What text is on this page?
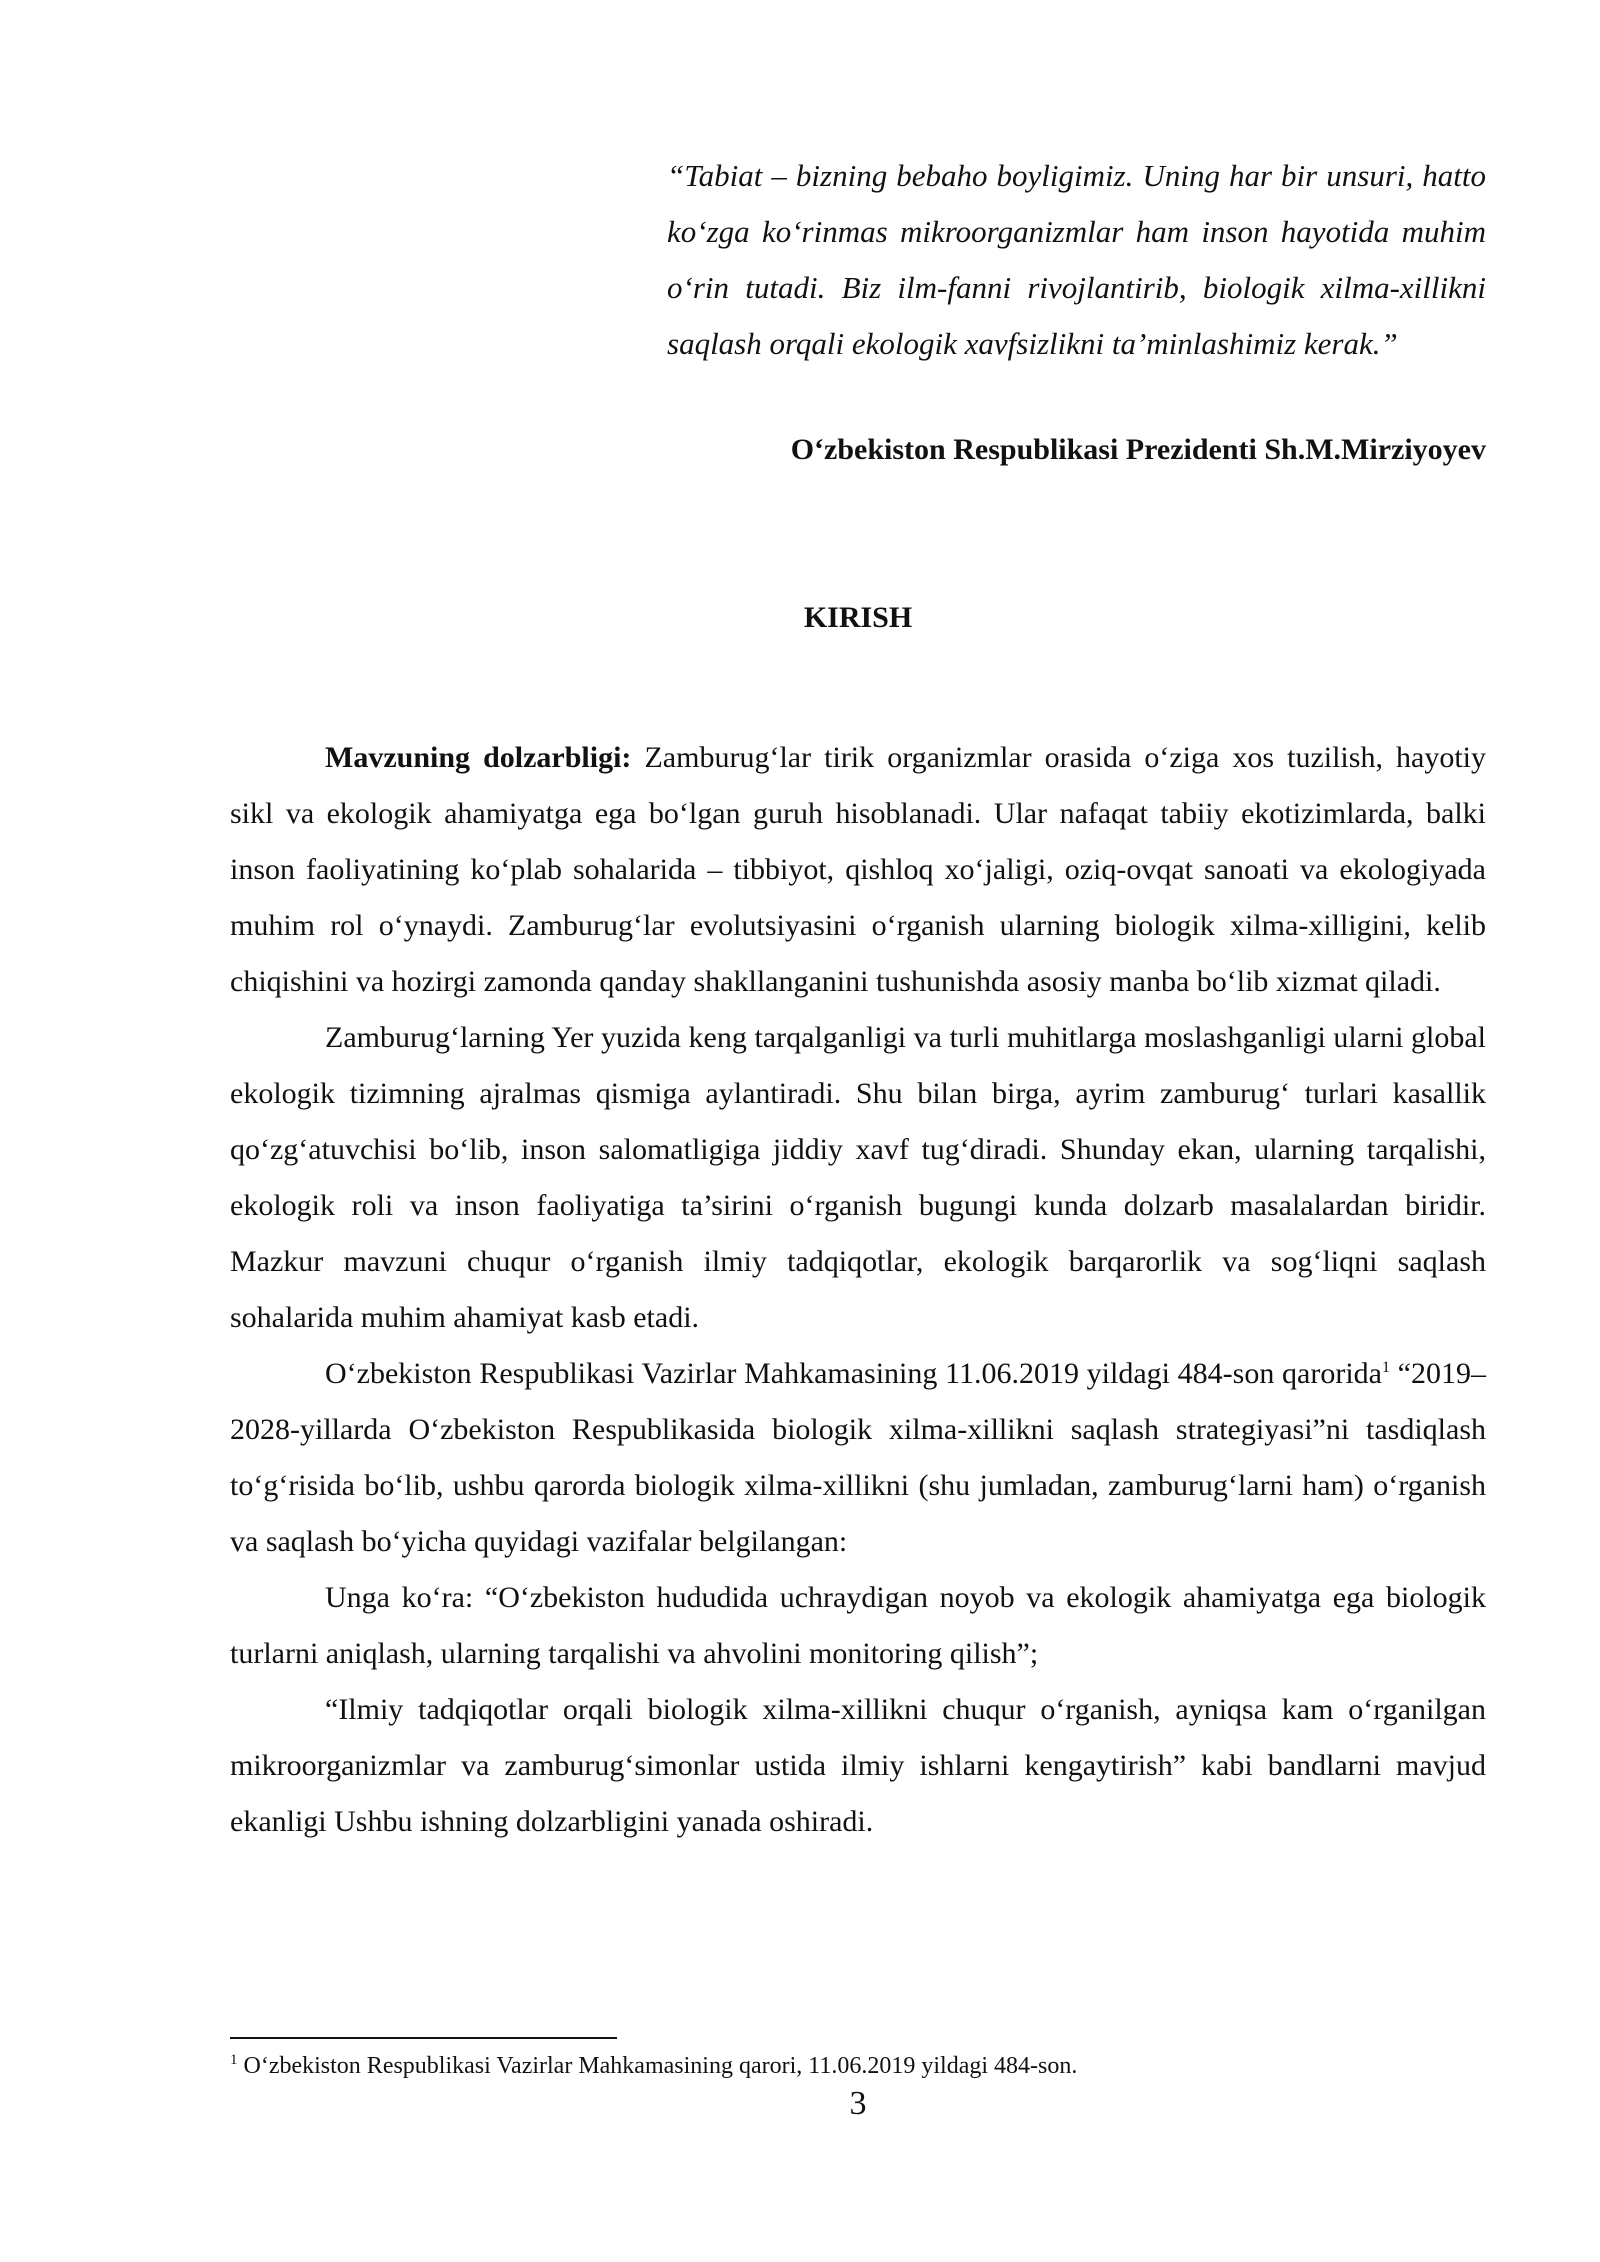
“Tabiat – bizning bebaho boyligimiz. Uning har bir unsuri, hatto ko‘zga ko‘rinmas mikroorganizmlar ham inson hayotida muhim o‘rin tutadi. Biz ilm-fanni rivojlantirib, biologik xilma-xillikni saqlash orqali ekologik xavfsizlikni ta’minlashimiz kerak.”
O‘zbekiston Respublikasi Prezidenti Sh.M.Mirziyoyev
KIRISH

Mavzuning dolzarbligi: Zamburug‘lar tirik organizmlar orasida o‘ziga xos tuzilish, hayotiy sikl va ekologik ahamiyatga ega bo‘lgan guruh hisoblanadi. Ular nafaqat tabiiy ekotizimlarda, balki inson faoliyatining ko‘plab sohalarida – tibbiyot, qishloq xo‘jaligi, oziq-ovqat sanoati va ekologiyada muhim rol o‘ynaydi. Zamburug‘lar evolutsiyasini o‘rganish ularning biologik xilma-xilligini, kelib chiqishini va hozirgi zamonda qanday shakllanganini tushunishda asosiy manba bo‘lib xizmat qiladi.

Zamburug‘larning Yer yuzida keng tarqalganligi va turli muhitlarga moslashganligi ularni global ekologik tizimning ajralmas qismiga aylantiradi. Shu bilan birga, ayrim zamburug‘ turlari kasallik qo‘zg‘atuvchisi bo‘lib, inson salomatligiga jiddiy xavf tug‘diradi. Shunday ekan, ularning tarqalishi, ekologik roli va inson faoliyatiga ta’sirini o‘rganish bugungi kunda dolzarb masalalardan biridir. Mazkur mavzuni chuqur o‘rganish ilmiy tadqiqotlar, ekologik barqarorlik va sog‘liqni saqlash sohalarida muhim ahamiyat kasb etadi.

O‘zbekiston Respublikasi Vazirlar Mahkamasining 11.06.2019 yildagi 484-son qarorida$^1$ “2019–2028-yillarda O‘zbekiston Respublikasida biologik xilma-xillikni saqlash strategiyasi”ni tasdiqlash to‘g‘risida bo‘lib, ushbu qarorda biologik xilma-xillikni (shu jumladan, zamburug‘larni ham) o‘rganish va saqlash bo‘yicha quyidagi vazifalar belgilangan:

Unga ko‘ra: “O‘zbekiston hududida uchraydigan noyob va ekologik ahamiyatga ega biologik turlarni aniqlash, ularning tarqalishi va ahvolini monitoring qilish”;

“Ilmiy tadqiqotlar orqali biologik xilma-xillikni chuqur o‘rganish, ayniqsa kam o‘rganilgan mikroorganizmlar va zamburug‘simonlar ustida ilmiy ishlarni kengaytirish” kabi bandlarni mavjud ekanligi Ushbu ishning dolzarbligini yanada oshiradi.

$^1$ O‘zbekiston Respublikasi Vazirlar Mahkamasining qarori, 11.06.2019 yildagi 484-son.
3
